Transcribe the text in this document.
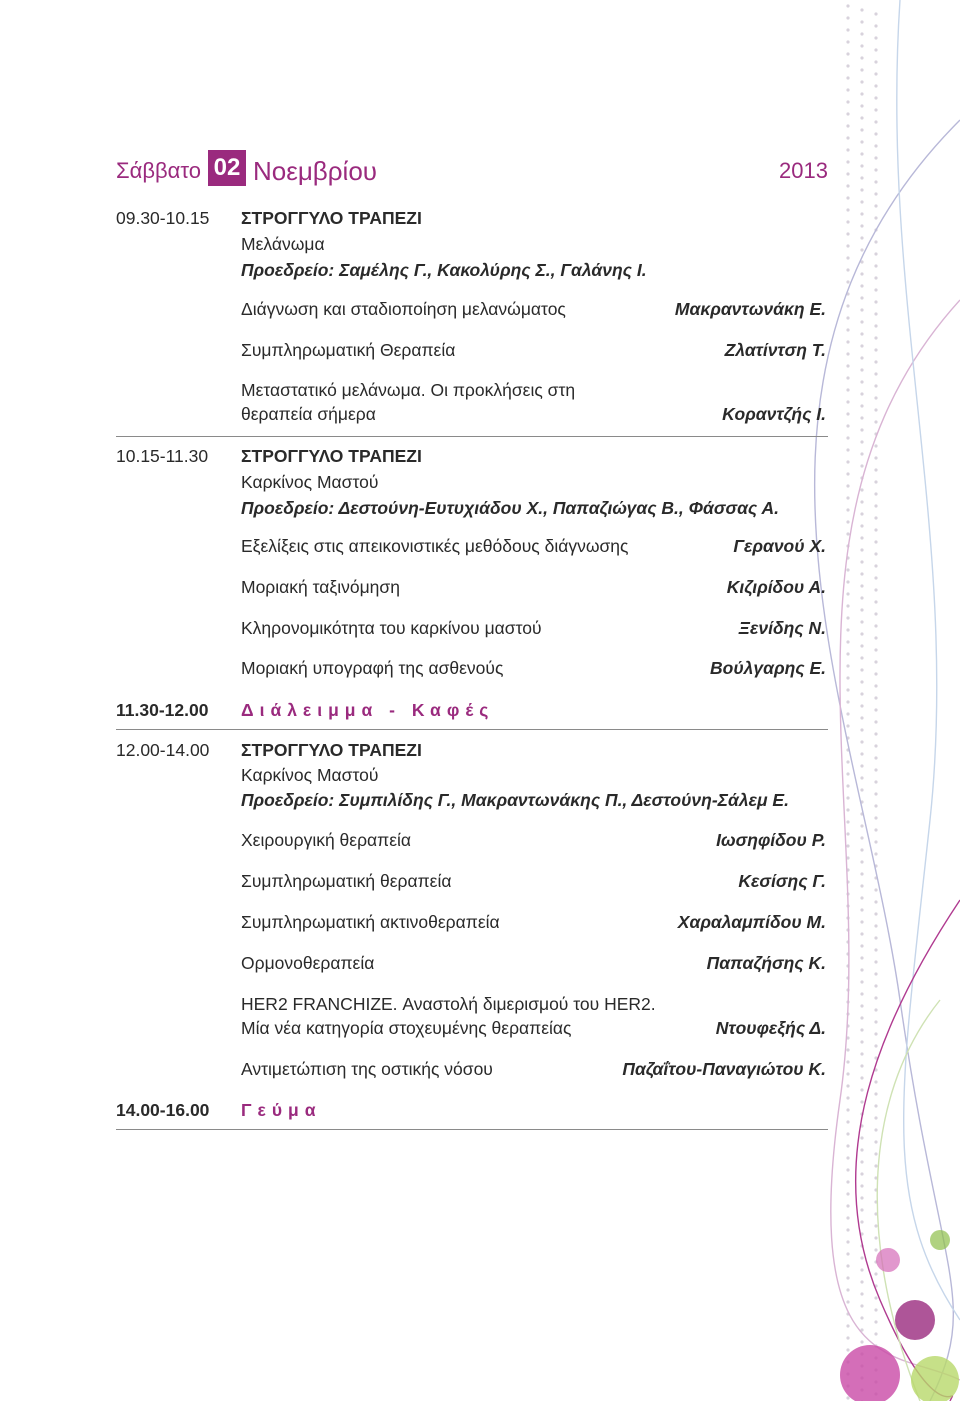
Σάββατο 02 Νοεμβρίου	2013
09.30-10.15 ΣΤΡΟΓΓΥΛΟ ΤΡΑΠΕΖΙ
Μελάνωμα
Προεδρείο: Σαμέλης Γ., Κακολύρης Σ., Γαλάνης Ι.
Διάγνωση και σταδιοποίηση μελανώματος	Μακραντωνάκη Ε.
Συμπληρωματική Θεραπεία	Ζλατίντση Τ.
Μεταστατικό μελάνωμα. Οι προκλήσεις στη
θεραπεία σήμερα	Κοραντζής Ι.
10.15-11.30 ΣΤΡΟΓΓΥΛΟ ΤΡΑΠΕΖΙ
Καρκίνος Μαστού
Προεδρείο: Δεστούνη-Ευτυχιάδου Χ., Παπαζιώγας Β., Φάσσας Α.
Εξελίξεις στις απεικονιστικές μεθόδους διάγνωσης	Γερανού Χ.
Μοριακή ταξινόμηση	Κιζιρίδου Α.
Κληρονομικότητα του καρκίνου μαστού	Ξενίδης Ν.
Μοριακή υπογραφή της ασθενούς	Βούλγαρης Ε.
11.30-12.00 Διάλειμμα - Καφές
12.00-14.00 ΣΤΡΟΓΓΥΛΟ ΤΡΑΠΕΖΙ
Καρκίνος Μαστού
Προεδρείο: Συμπιλίδης Γ., Μακραντωνάκης Π., Δεστούνη-Σάλεμ Ε.
Χειρουργική θεραπεία	Ιωσηφίδου Ρ.
Συμπληρωματική θεραπεία	Κεσίσης Γ.
Συμπληρωματική ακτινοθεραπεία	Χαραλαμπίδου Μ.
Ορμονοθεραπεία	Παπαζήσης Κ.
HER2 FRANCHIZE. Αναστολή διμερισμού του HER2.
Μία νέα κατηγορία στοχευμένης θεραπείας	Ντουφεξής Δ.
Αντιμετώπιση της οστικής νόσου	Παζαΐτου-Παναγιώτου Κ.
14.00-16.00 Γεύμα
